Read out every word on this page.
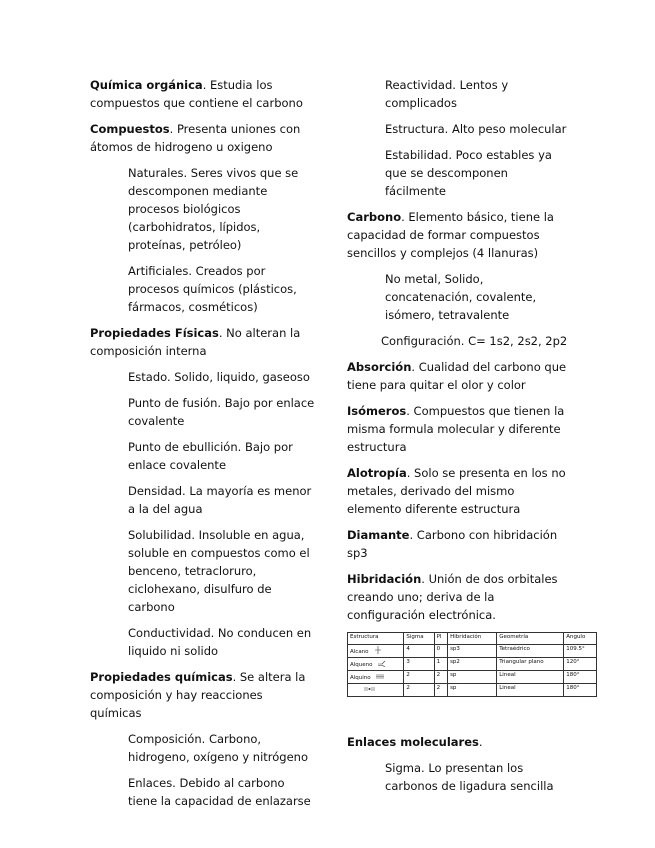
Química orgánica. Estudia los compuestos que contiene el carbono

Compuestos. Presenta uniones con átomos de hidrogeno u oxigeno

Naturales. Seres vivos que se descomponen mediante procesos biológicos (carbohidratos, lípidos, proteínas, petróleo)

Artificiales. Creados por procesos químicos (plásticos, fármacos, cosméticos)

Propiedades Físicas. No alteran la composición interna

Estado. Solido, liquido, gaseoso

Punto de fusión. Bajo por enlace covalente

Punto de ebullición. Bajo por enlace covalente

Densidad. La mayoría es menor a la del agua

Solubilidad. Insoluble en agua, soluble en compuestos como el benceno, tetracloruro, ciclohexano, disulfuro de carbono

Conductividad. No conducen en liquido ni solido

Propiedades químicas. Se altera la composición y hay reacciones químicas

Composición. Carbono, hidrogeno, oxígeno y nitrógeno

Enlaces. Debido al carbono tiene la capacidad de enlazarse

Reactividad. Lentos y complicados

Estructura. Alto peso molecular

Estabilidad. Poco estables ya que se descomponen fácilmente

Carbono. Elemento básico, tiene la capacidad de formar compuestos sencillos y complejos (4 llanuras)

No metal, Solido, concatenación, covalente, isómero, tetravalente

Configuración. C= 1s2, 2s2, 2p2

Absorción. Cualidad del carbono que tiene para quitar el olor y color

Isómeros. Compuestos que tienen la misma formula molecular y diferente estructura

Alotropía. Solo se presenta en los no metales, derivado del mismo elemento diferente estructura

Diamante. Carbono con hibridación sp3

Hibridación. Unión de dos orbitales creando uno; deriva de la configuración electrónica.

Estructura	Sigma	PI	Hibridación	Geometría	Angulo
Alcano	4	0	sp3	Tetraédrico	109.5°
Alqueno	3	1	sp2	Triangular plano	120°
Alquino	2	2	sp	Lineal	180°

	2	2	sp	Lineal	180°

Enlaces moleculares.

Sigma. Lo presentan los carbonos de ligadura sencilla
